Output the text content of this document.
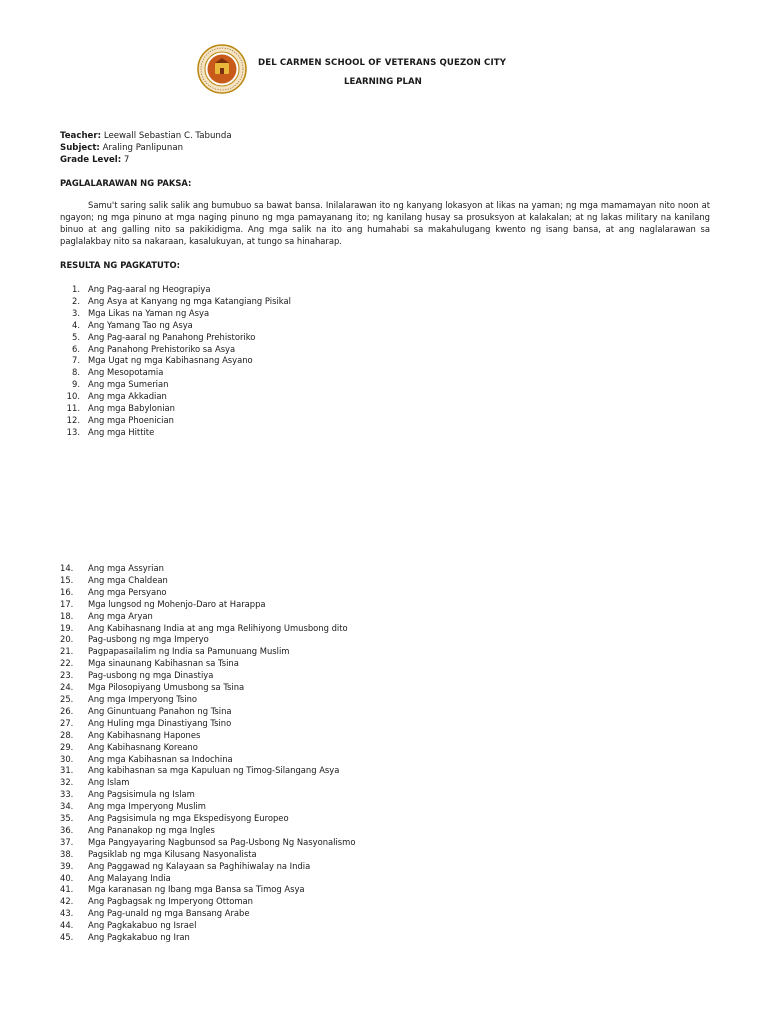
DEL CARMEN SCHOOL OF VETERANS QUEZON CITY
LEARNING PLAN
Teacher: Leewall Sebastian C. Tabunda
Subject: Araling Panlipunan
Grade Level: 7
PAGLALARAWAN NG PAKSA:
Samu't saring salik salik ang bumubuo sa bawat bansa. Inilalarawan ito ng kanyang lokasyon at likas na yaman; ng mga mamamayan nito noon at ngayon; ng mga pinuno at mga naging pinuno ng mga pamayanang ito; ng kanilang husay sa prosuksyon at kalakalan; at ng lakas military na kanilang binuo at ang galling nito sa pakikidigma. Ang mga salik na ito ang humahabi sa makahulugang kwento ng isang bansa, at ang naglalarawan sa paglalakbay nito sa nakaraan, kasalukuyan, at tungo sa hinaharap.
RESULTA NG PAGKATUTO:
1. Ang Pag-aaral ng Heograpiya
2. Ang Asya at Kanyang ng mga Katangiang Pisikal
3. Mga Likas na Yaman ng Asya
4. Ang Yamang Tao ng Asya
5. Ang Pag-aaral ng Panahong Prehistoriko
6. Ang Panahong Prehistoriko sa Asya
7. Mga Ugat ng mga Kabihasnang Asyano
8. Ang Mesopotamia
9. Ang mga Sumerian
10. Ang mga Akkadian
11. Ang mga Babylonian
12. Ang mga Phoenician
13. Ang mga Hittite
14.	Ang mga Assyrian
15.	Ang mga Chaldean
16.	Ang mga Persyano
17.	Mga lungsod ng Mohenjo-Daro at Harappa
18.	Ang mga Aryan
19.	Ang Kabihasnang India at ang mga Relihiyong Umusbong dito
20.	Pag-usbong ng mga Imperyo
21.	Pagpapasailalim ng India sa Pamunuang Muslim
22.	Mga sinaunang Kabihasnan sa Tsina
23.	Pag-usbong ng mga Dinastiya
24.	Mga Pilosopiyang Umusbong sa Tsina
25.	Ang mga Imperyong Tsino
26.	Ang Ginuntuang Panahon ng Tsina
27.	Ang Huling mga Dinastiyang Tsino
28.	Ang Kabihasnang Hapones
29.	Ang Kabihasnang Koreano
30.	Ang mga Kabihasnan sa Indochina
31.	Ang kabihasnan sa mga Kapuluan ng Timog-Silangang Asya
32.	Ang Islam
33.	Ang Pagsisimula ng Islam
34.	Ang mga Imperyong Muslim
35.	Ang Pagsisimula ng mga Ekspedisyong Europeo
36.	Ang Pananakop ng mga Ingles
37.	Mga Pangyayaring Nagbunsod sa Pag-Usbong Ng Nasyonalismo
38.	Pagsiklab ng mga Kilusang Nasyonalista
39.	Ang Paggawad ng Kalayaan sa Paghihiwalay na India
40.	Ang Malayang India
41.	Mga karanasan ng Ibang mga Bansa sa Timog Asya
42.	Ang Pagbagsak ng Imperyong Ottoman
43.	Ang Pag-unald ng mga Bansang Arabe
44.	Ang Pagkakabuo ng Israel
45.	Ang Pagkakabuo ng Iran
